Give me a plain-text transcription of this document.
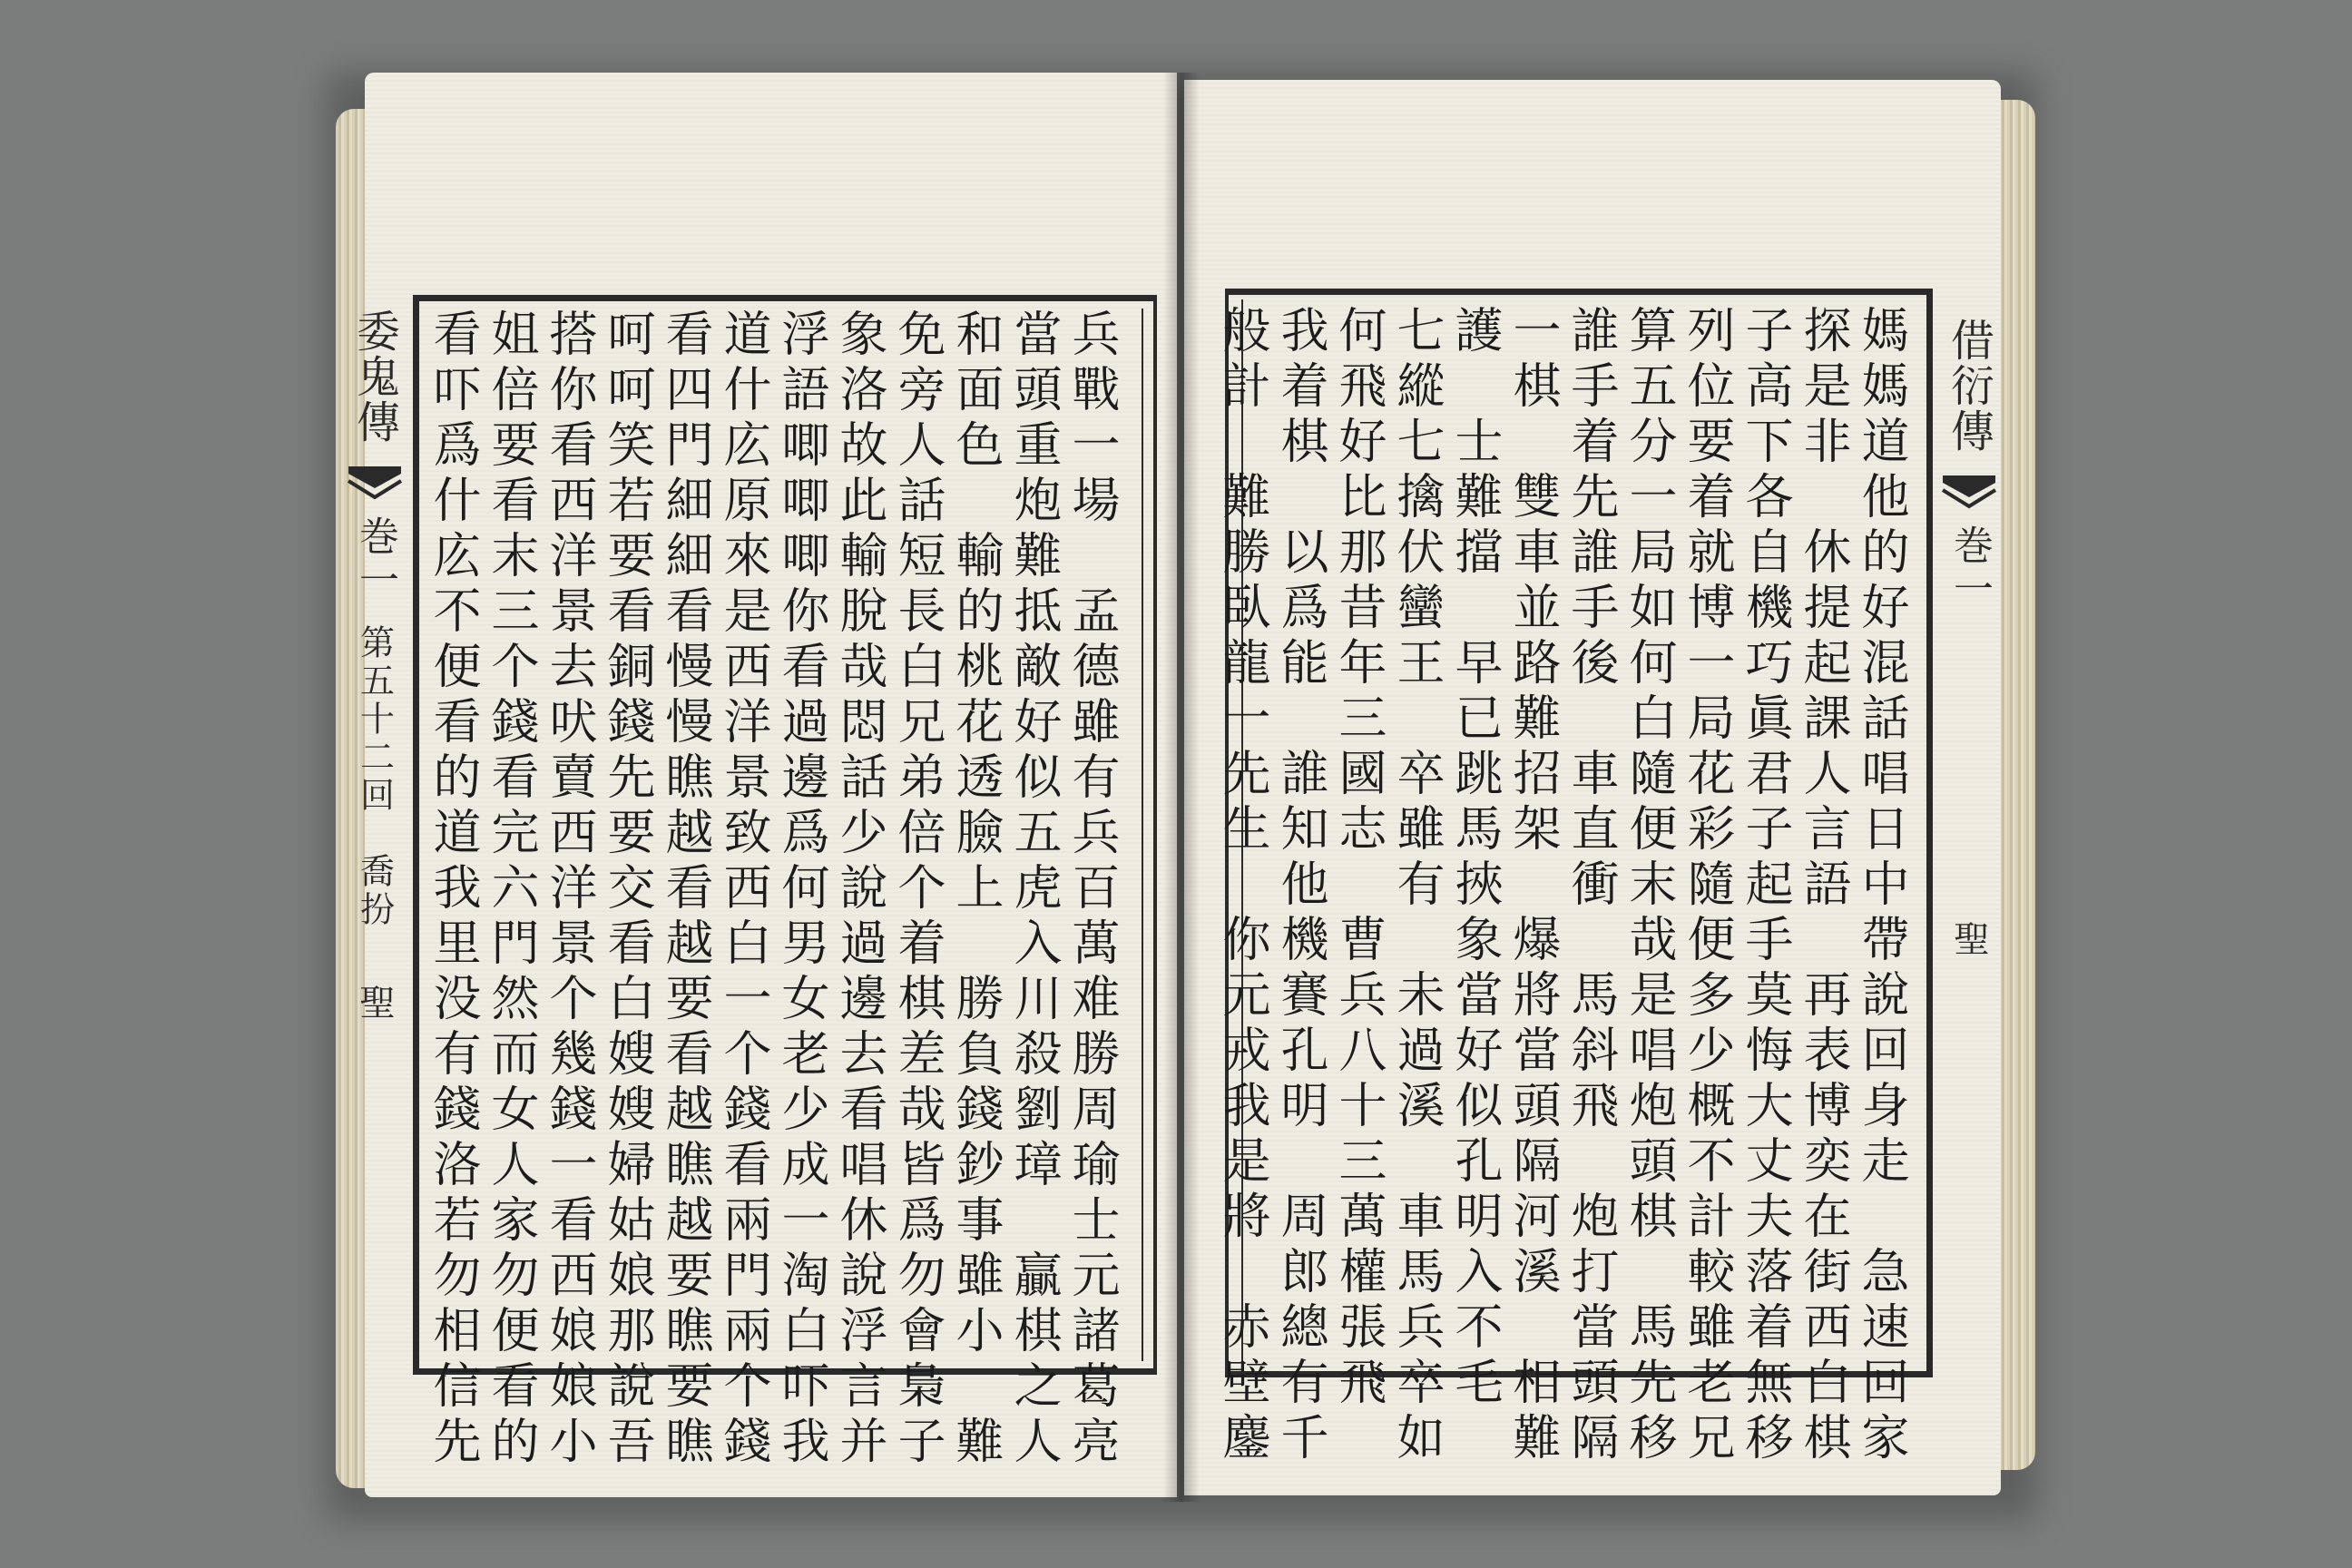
兵戰一場　孟德雖有兵百萬难勝周瑜士元諸葛亮
當頭重炮難抵敵好似五虎入川殺劉璋　贏棋之人
和面色　輸的桃花透臉上　勝負錢鈔事雖小　難
免旁人話短長白兄弟倍个着棋差哉皆爲勿會梟子
象洛故此輸脫哉悶話少說過邊去看唱休說浮言并
浮語唧唧唧你看過邊爲何男女老少成一淘白吓我
道什庅原來是西洋景致西白一个錢看兩門兩个錢
看四門細細看慢慢瞧越看越要看越瞧越要瞧要瞧
呵呵笑若要看銅錢先要交看白嫂嫂婦姑娘那說吾
搭你看西洋景去吠賣西洋景个幾錢一看西娘娘小
姐倍要看末三个錢看完六門然而女人家勿便看的
看吓爲什庅不便看的道我里没有錢洛若勿相信先
委鬼傳
巻一
第五十二回　喬扮
聖	媽媽道他的好混話唱日中帶說回身走　急速回家
探是非　休提起課人言語　再表博奕在街西白棋
子高下各自機巧眞君子起手莫悔大丈夫落着無移
列位要着就博一局花彩隨便多少概不計較雖老兄
算五分一局如何白隨便末哉是唱炮頭棋　馬先移
誰手着先誰手後　車直衝　馬斜飛　炮打當頭隔
一棋　雙車並路難招架　爆將當頭隔河溪　相難
護　士難擋　早已跳馬挾象當好似孔明入不毛
七縱七擒伏蠻王　卒雖有　未過溪　車馬兵卒如
何飛好比那昔年三國志　曹兵八十三萬權張飛
我着棋　以爲能　誰知他機賽孔明　周郎總有千
般計　難勝臥龍一先生　你元戎我是將　赤壁鏖	借衍傳
巻一
聖
